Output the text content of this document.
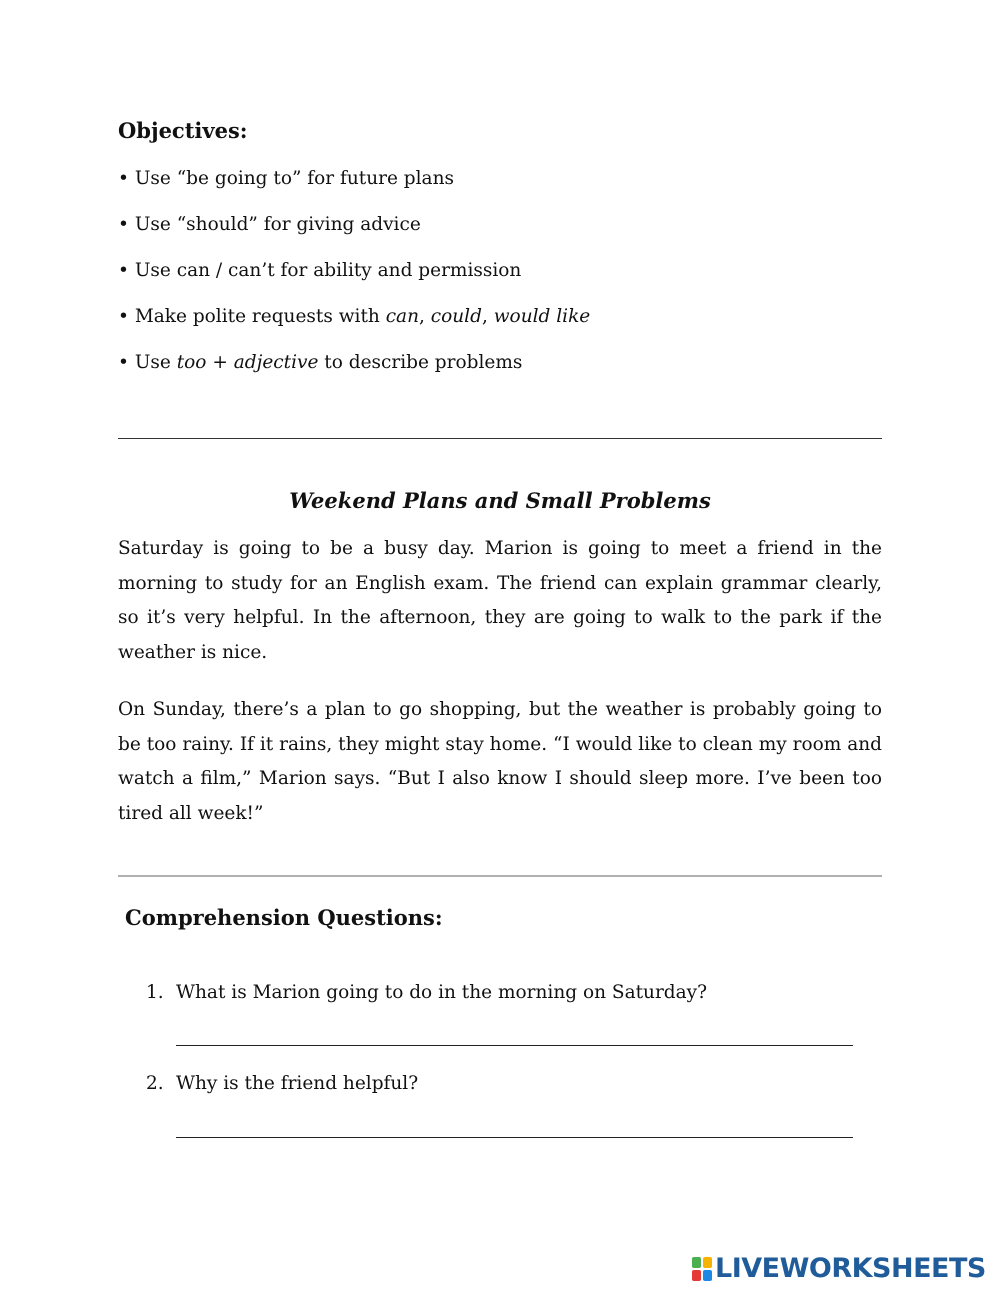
Objectives:
• Use “be going to” for future plans
• Use “should” for giving advice
• Use can / can’t for ability and permission
• Make polite requests with can, could, would like
• Use too + adjective to describe problems
Weekend Plans and Small Problems

Saturday is going to be a busy day. Marion is going to meet a friend in the morning to study for an English exam. The friend can explain grammar clearly, so it’s very helpful. In the afternoon, they are going to walk to the park if the weather is nice.

On Sunday, there’s a plan to go shopping, but the weather is probably going to be too rainy. If it rains, they might stay home. “I would like to clean my room and watch a film,” Marion says. “But I also know I should sleep more. I’ve been too tired all week!”

Comprehension Questions:
1. What is Marion going to do in the morning on Saturday?
2. Why is the friend helpful?
LIVEWORKSHEETS
